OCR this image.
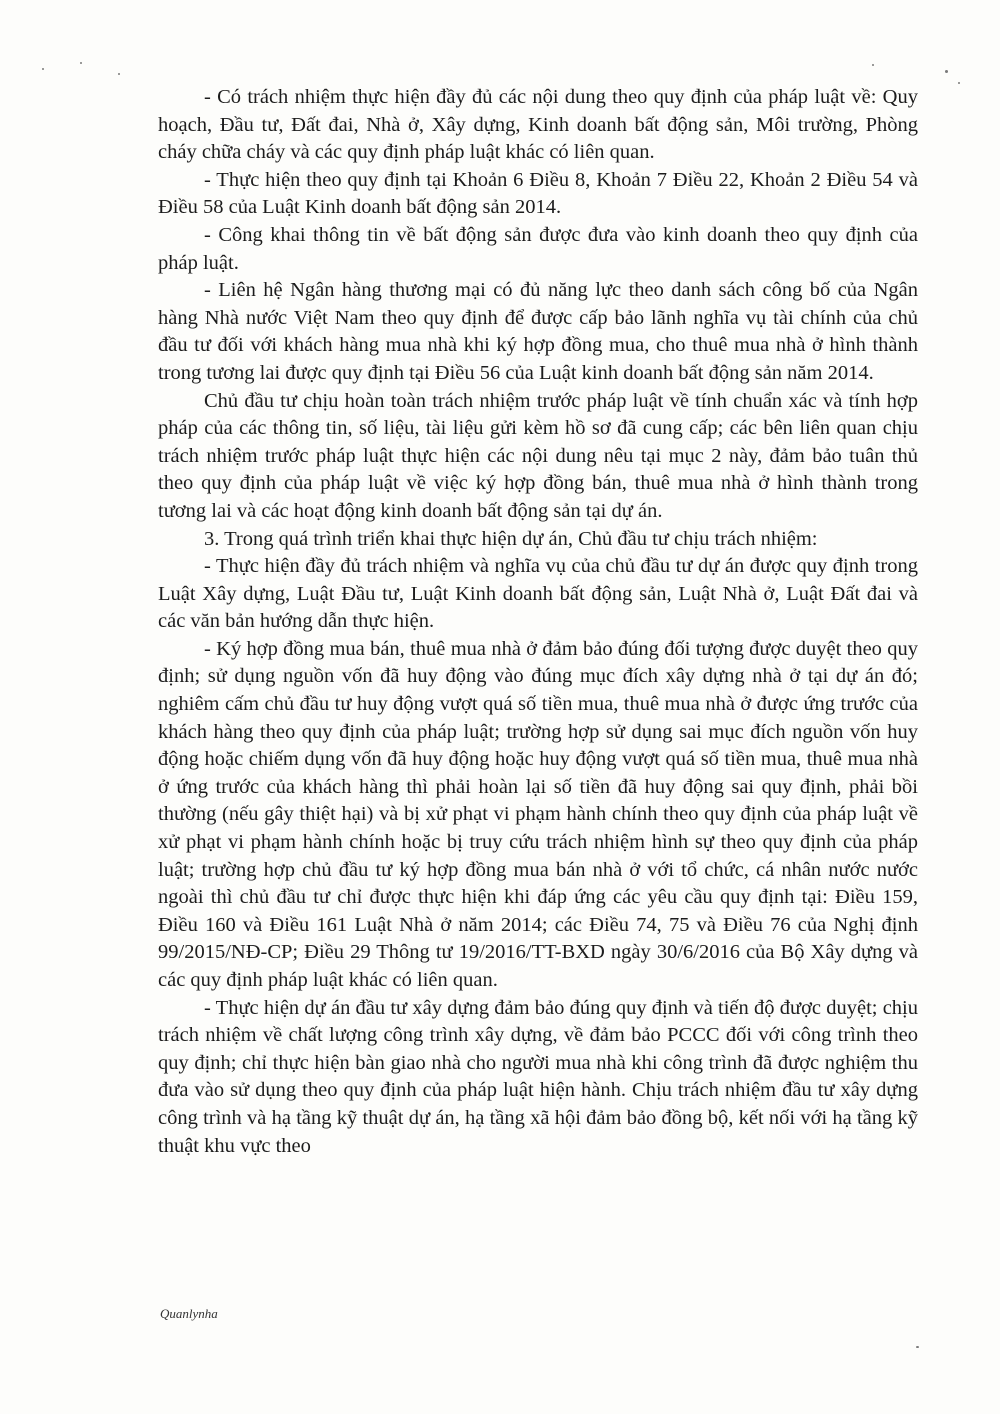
- Có trách nhiệm thực hiện đầy đủ các nội dung theo quy định của pháp luật về: Quy hoạch, Đầu tư, Đất đai, Nhà ở, Xây dựng, Kinh doanh bất động sản, Môi trường, Phòng cháy chữa cháy và các quy định pháp luật khác có liên quan.

- Thực hiện theo quy định tại Khoản 6 Điều 8, Khoản 7 Điều 22, Khoản 2 Điều 54 và Điều 58 của Luật Kinh doanh bất động sản 2014.

- Công khai thông tin về bất động sản được đưa vào kinh doanh theo quy định của pháp luật.

- Liên hệ Ngân hàng thương mại có đủ năng lực theo danh sách công bố của Ngân hàng Nhà nước Việt Nam theo quy định để được cấp bảo lãnh nghĩa vụ tài chính của chủ đầu tư đối với khách hàng mua nhà khi ký hợp đồng mua, cho thuê mua nhà ở hình thành trong tương lai được quy định tại Điều 56 của Luật kinh doanh bất động sản năm 2014.

Chủ đầu tư chịu hoàn toàn trách nhiệm trước pháp luật về tính chuẩn xác và tính hợp pháp của các thông tin, số liệu, tài liệu gửi kèm hồ sơ đã cung cấp; các bên liên quan chịu trách nhiệm trước pháp luật thực hiện các nội dung nêu tại mục 2 này, đảm bảo tuân thủ theo quy định của pháp luật về việc ký hợp đồng bán, thuê mua nhà ở hình thành trong tương lai và các hoạt động kinh doanh bất động sản tại dự án.

3. Trong quá trình triển khai thực hiện dự án, Chủ đầu tư chịu trách nhiệm:

- Thực hiện đầy đủ trách nhiệm và nghĩa vụ của chủ đầu tư dự án được quy định trong Luật Xây dựng, Luật Đầu tư, Luật Kinh doanh bất động sản, Luật Nhà ở, Luật Đất đai và các văn bản hướng dẫn thực hiện.

- Ký hợp đồng mua bán, thuê mua nhà ở đảm bảo đúng đối tượng được duyệt theo quy định; sử dụng nguồn vốn đã huy động vào đúng mục đích xây dựng nhà ở tại dự án đó; nghiêm cấm chủ đầu tư huy động vượt quá số tiền mua, thuê mua nhà ở được ứng trước của khách hàng theo quy định của pháp luật; trường hợp sử dụng sai mục đích nguồn vốn huy động hoặc chiếm dụng vốn đã huy động hoặc huy động vượt quá số tiền mua, thuê mua nhà ở ứng trước của khách hàng thì phải hoàn lại số tiền đã huy động sai quy định, phải bồi thường (nếu gây thiệt hại) và bị xử phạt vi phạm hành chính theo quy định của pháp luật về xử phạt vi phạm hành chính hoặc bị truy cứu trách nhiệm hình sự theo quy định của pháp luật; trường hợp chủ đầu tư ký hợp đồng mua bán nhà ở với tổ chức, cá nhân nước nước ngoài thì chủ đầu tư chỉ được thực hiện khi đáp ứng các yêu cầu quy định tại: Điều 159, Điều 160 và Điều 161 Luật Nhà ở năm 2014; các Điều 74, 75 và Điều 76 của Nghị định 99/2015/NĐ-CP; Điều 29 Thông tư 19/2016/TT-BXD ngày 30/6/2016 của Bộ Xây dựng và các quy định pháp luật khác có liên quan.

- Thực hiện dự án đầu tư xây dựng đảm bảo đúng quy định và tiến độ được duyệt; chịu trách nhiệm về chất lượng công trình xây dựng, về đảm bảo PCCC đối với công trình theo quy định; chỉ thực hiện bàn giao nhà cho người mua nhà khi công trình đã được nghiệm thu đưa vào sử dụng theo quy định của pháp luật hiện hành. Chịu trách nhiệm đầu tư xây dựng công trình và hạ tầng kỹ thuật dự án, hạ tầng xã hội đảm bảo đồng bộ, kết nối với hạ tầng kỹ thuật khu vực theo

Quanlynha
